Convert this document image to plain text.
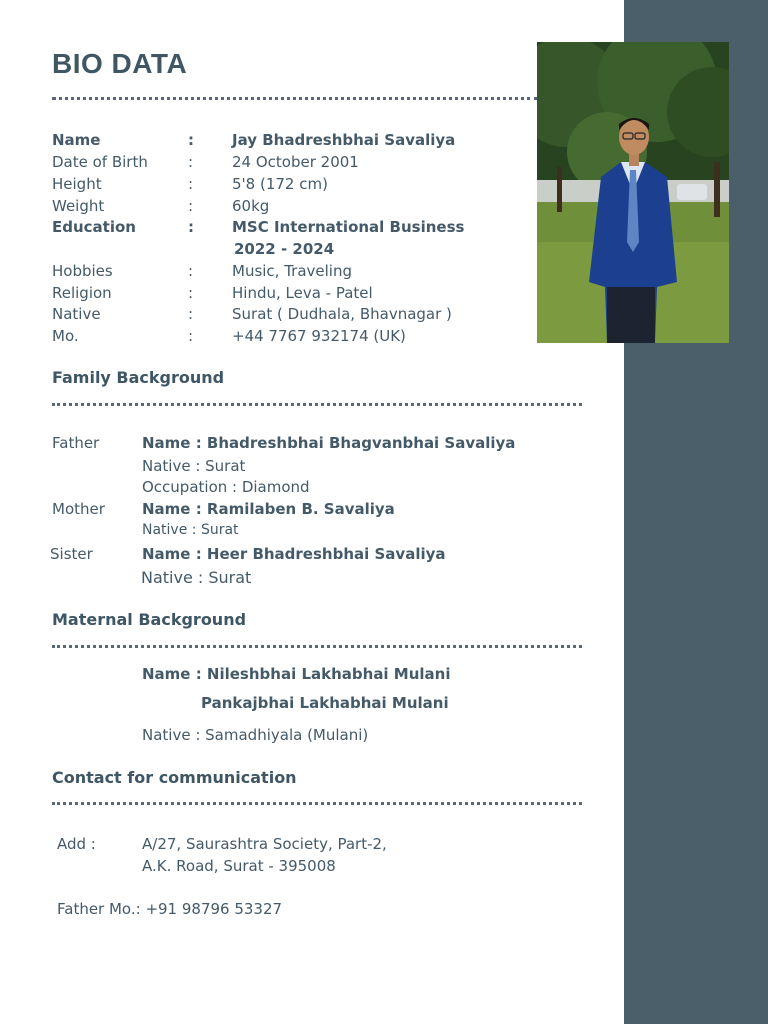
BIO DATA
Name	:	Jay Bhadreshbhai Savaliya
Date of Birth	:	24 October 2001
Height	:	5'8 (172 cm)
Weight	:	60kg
Education	:	MSC International Business
2022 - 2024
Hobbies	:	Music, Traveling
Religion	:	Hindu, Leva - Patel
Native	:	Surat ( Dudhala, Bhavnagar )
Mo.	:	+44 7767 932174 (UK)
Family Background
Father	Name : Bhadreshbhai Bhagvanbhai Savaliya
Native : Surat
Occupation : Diamond
Mother Name : Ramilaben B. Savaliya
Native : Surat
Sister	Name : Heer Bhadreshbhai Savaliya
Native : Surat
Maternal Background
Name : Nileshbhai Lakhabhai Mulani
Pankajbhai Lakhabhai Mulani
Native : Samadhiyala (Mulani)
Contact for communication
Add :	A/27, Saurashtra Society, Part-2,
A.K. Road, Surat - 395008
Father Mo.: +91 98796 53327
